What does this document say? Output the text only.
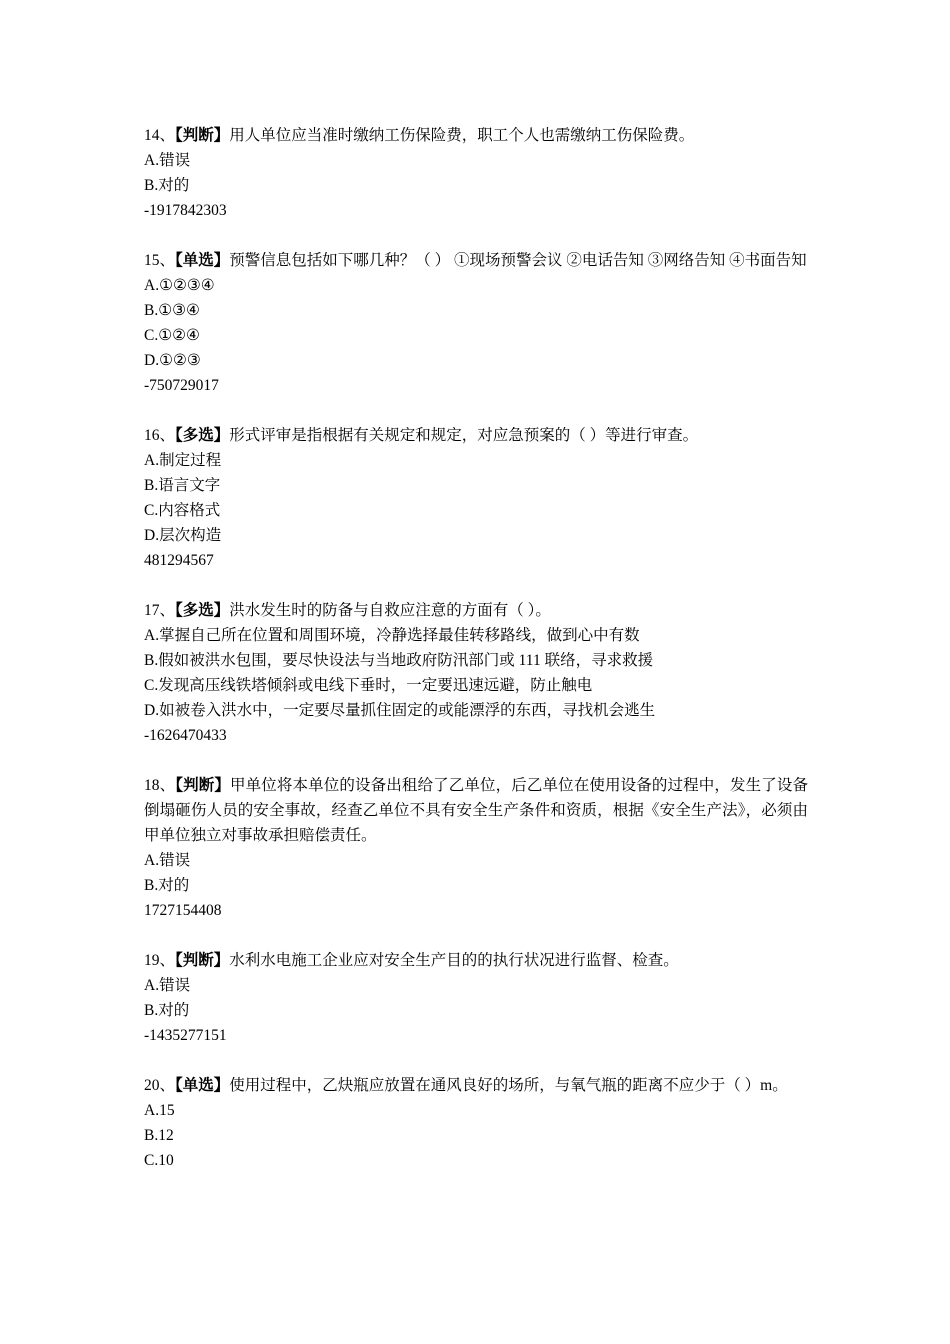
14、【判断】用人单位应当准时缴纳工伤保险费，职工个人也需缴纳工伤保险费。
A.错误
B.对的
-1917842303
15、【单选】预警信息包括如下哪几种？（ ） ①现场预警会议 ②电话告知 ③网络告知 ④书面告知
A.①②③④
B.①③④
C.①②④
D.①②③
-750729017
16、【多选】形式评审是指根据有关规定和规定，对应急预案的（ ）等进行审查。
A.制定过程
B.语言文字
C.内容格式
D.层次构造
481294567
17、【多选】洪水发生时的防备与自救应注意的方面有（ ）。
A.掌握自己所在位置和周围环境，冷静选择最佳转移路线，做到心中有数
B.假如被洪水包围，要尽快设法与当地政府防汛部门或 111 联络，寻求救援
C.发现高压线铁塔倾斜或电线下垂时，一定要迅速远避，防止触电
D.如被卷入洪水中，一定要尽量抓住固定的或能漂浮的东西，寻找机会逃生
-1626470433
18、【判断】甲单位将本单位的设备出租给了乙单位，后乙单位在使用设备的过程中，发生了设备倒塌砸伤人员的安全事故，经查乙单位不具有安全生产条件和资质，根据《安全生产法》，必须由甲单位独立对事故承担赔偿责任。
A.错误
B.对的
1727154408
19、【判断】水利水电施工企业应对安全生产目的的执行状况进行监督、检查。
A.错误
B.对的
-1435277151
20、【单选】使用过程中，乙炔瓶应放置在通风良好的场所，与氧气瓶的距离不应少于（ ）m。
A.15
B.12
C.10
